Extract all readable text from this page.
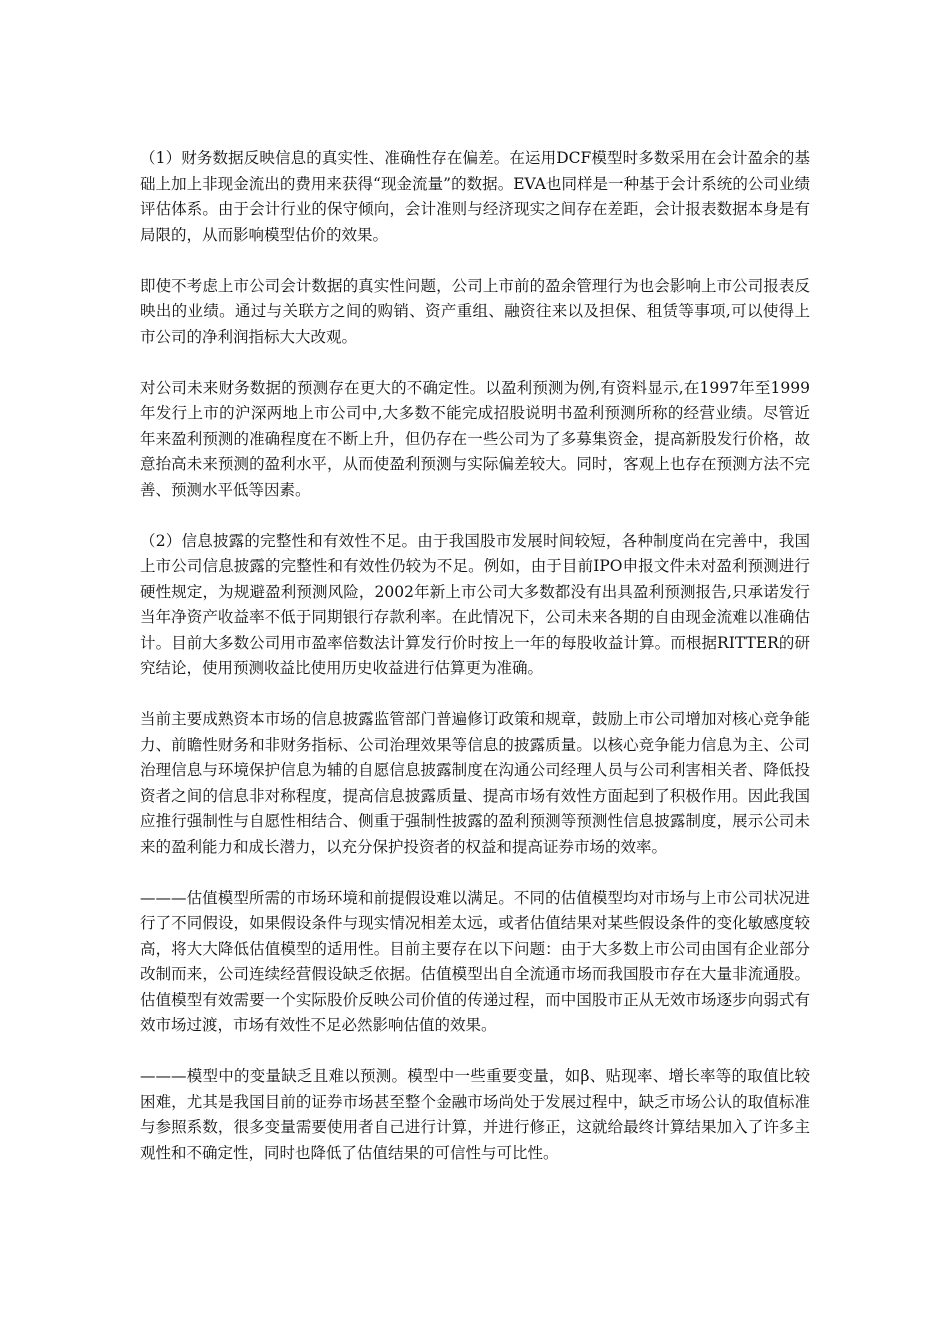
（1）财务数据反映信息的真实性、准确性存在偏差。在运用DCF模型时多数采用在会计盈余的基础上加上非现金流出的费用来获得“现金流量”的数据。EVA也同样是一种基于会计系统的公司业绩评估体系。由于会计行业的保守倾向，会计准则与经济现实之间存在差距，会计报表数据本身是有局限的，从而影响模型估价的效果。

即使不考虑上市公司会计数据的真实性问题，公司上市前的盈余管理行为也会影响上市公司报表反映出的业绩。通过与关联方之间的购销、资产重组、融资往来以及担保、租赁等事项,可以使得上市公司的净利润指标大大改观。

对公司未来财务数据的预测存在更大的不确定性。以盈利预测为例,有资料显示,在1997年至1999年发行上市的沪深两地上市公司中,大多数不能完成招股说明书盈利预测所称的经营业绩。尽管近年来盈利预测的准确程度在不断上升，但仍存在一些公司为了多募集资金，提高新股发行价格，故意抬高未来预测的盈利水平，从而使盈利预测与实际偏差较大。同时，客观上也存在预测方法不完善、预测水平低等因素。

（2）信息披露的完整性和有效性不足。由于我国股市发展时间较短，各种制度尚在完善中，我国上市公司信息披露的完整性和有效性仍较为不足。例如，由于目前IPO申报文件未对盈利预测进行硬性规定，为规避盈利预测风险，2002年新上市公司大多数都没有出具盈利预测报告,只承诺发行当年净资产收益率不低于同期银行存款利率。在此情况下，公司未来各期的自由现金流难以准确估计。目前大多数公司用市盈率倍数法计算发行价时按上一年的每股收益计算。而根据RITTER的研究结论，使用预测收益比使用历史收益进行估算更为准确。

当前主要成熟资本市场的信息披露监管部门普遍修订政策和规章，鼓励上市公司增加对核心竞争能力、前瞻性财务和非财务指标、公司治理效果等信息的披露质量。以核心竞争能力信息为主、公司治理信息与环境保护信息为辅的自愿信息披露制度在沟通公司经理人员与公司利害相关者、降低投资者之间的信息非对称程度，提高信息披露质量、提高市场有效性方面起到了积极作用。因此我国应推行强制性与自愿性相结合、侧重于强制性披露的盈利预测等预测性信息披露制度，展示公司未来的盈利能力和成长潜力，以充分保护投资者的权益和提高证券市场的效率。

———估值模型所需的市场环境和前提假设难以满足。不同的估值模型均对市场与上市公司状况进行了不同假设，如果假设条件与现实情况相差太远，或者估值结果对某些假设条件的变化敏感度较高，将大大降低估值模型的适用性。目前主要存在以下问题：由于大多数上市公司由国有企业部分改制而来，公司连续经营假设缺乏依据。估值模型出自全流通市场而我国股市存在大量非流通股。估值模型有效需要一个实际股价反映公司价值的传递过程，而中国股市正从无效市场逐步向弱式有效市场过渡，市场有效性不足必然影响估值的效果。

———模型中的变量缺乏且难以预测。模型中一些重要变量，如β、贴现率、增长率等的取值比较困难，尤其是我国目前的证券市场甚至整个金融市场尚处于发展过程中，缺乏市场公认的取值标准与参照系数，很多变量需要使用者自己进行计算，并进行修正，这就给最终计算结果加入了许多主观性和不确定性，同时也降低了估值结果的可信性与可比性。
